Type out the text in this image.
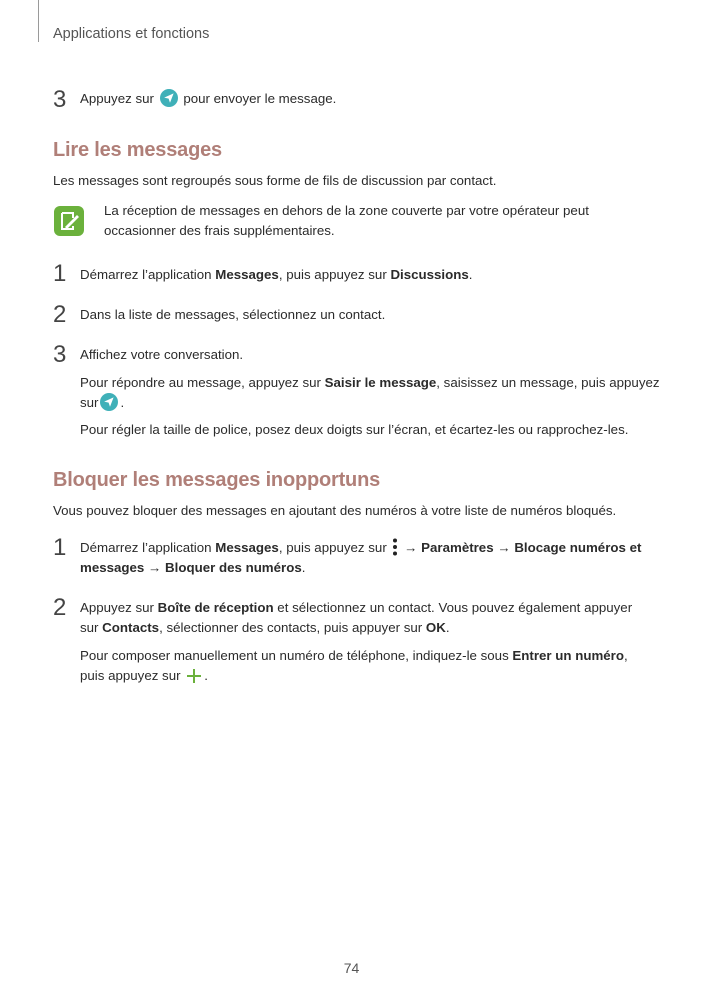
Applications et fonctions
3 Appuyez sur pour envoyer le message.
Lire les messages
Les messages sont regroupés sous forme de fils de discussion par contact.
La réception de messages en dehors de la zone couverte par votre opérateur peut occasionner des frais supplémentaires.
1 Démarrez l’application Messages, puis appuyez sur Discussions.
2 Dans la liste de messages, sélectionnez un contact.
3 Affichez votre conversation.
Pour répondre au message, appuyez sur Saisir le message, saisissez un message, puis appuyez
sur .
Pour régler la taille de police, posez deux doigts sur l’écran, et écartez-les ou rapprochez-les.
Bloquer les messages inopportuns
Vous pouvez bloquer des messages en ajoutant des numéros à votre liste de numéros bloqués.
1 Démarrez l’application Messages, puis appuyez sur → Paramètres → Blocage numéros et
messages → Bloquer des numéros.
2 Appuyez sur Boîte de réception et sélectionnez un contact. Vous pouvez également appuyer
sur Contacts, sélectionner des contacts, puis appuyer sur OK.
Pour composer manuellement un numéro de téléphone, indiquez-le sous Entrer un numéro,
puis appuyez sur .
74
